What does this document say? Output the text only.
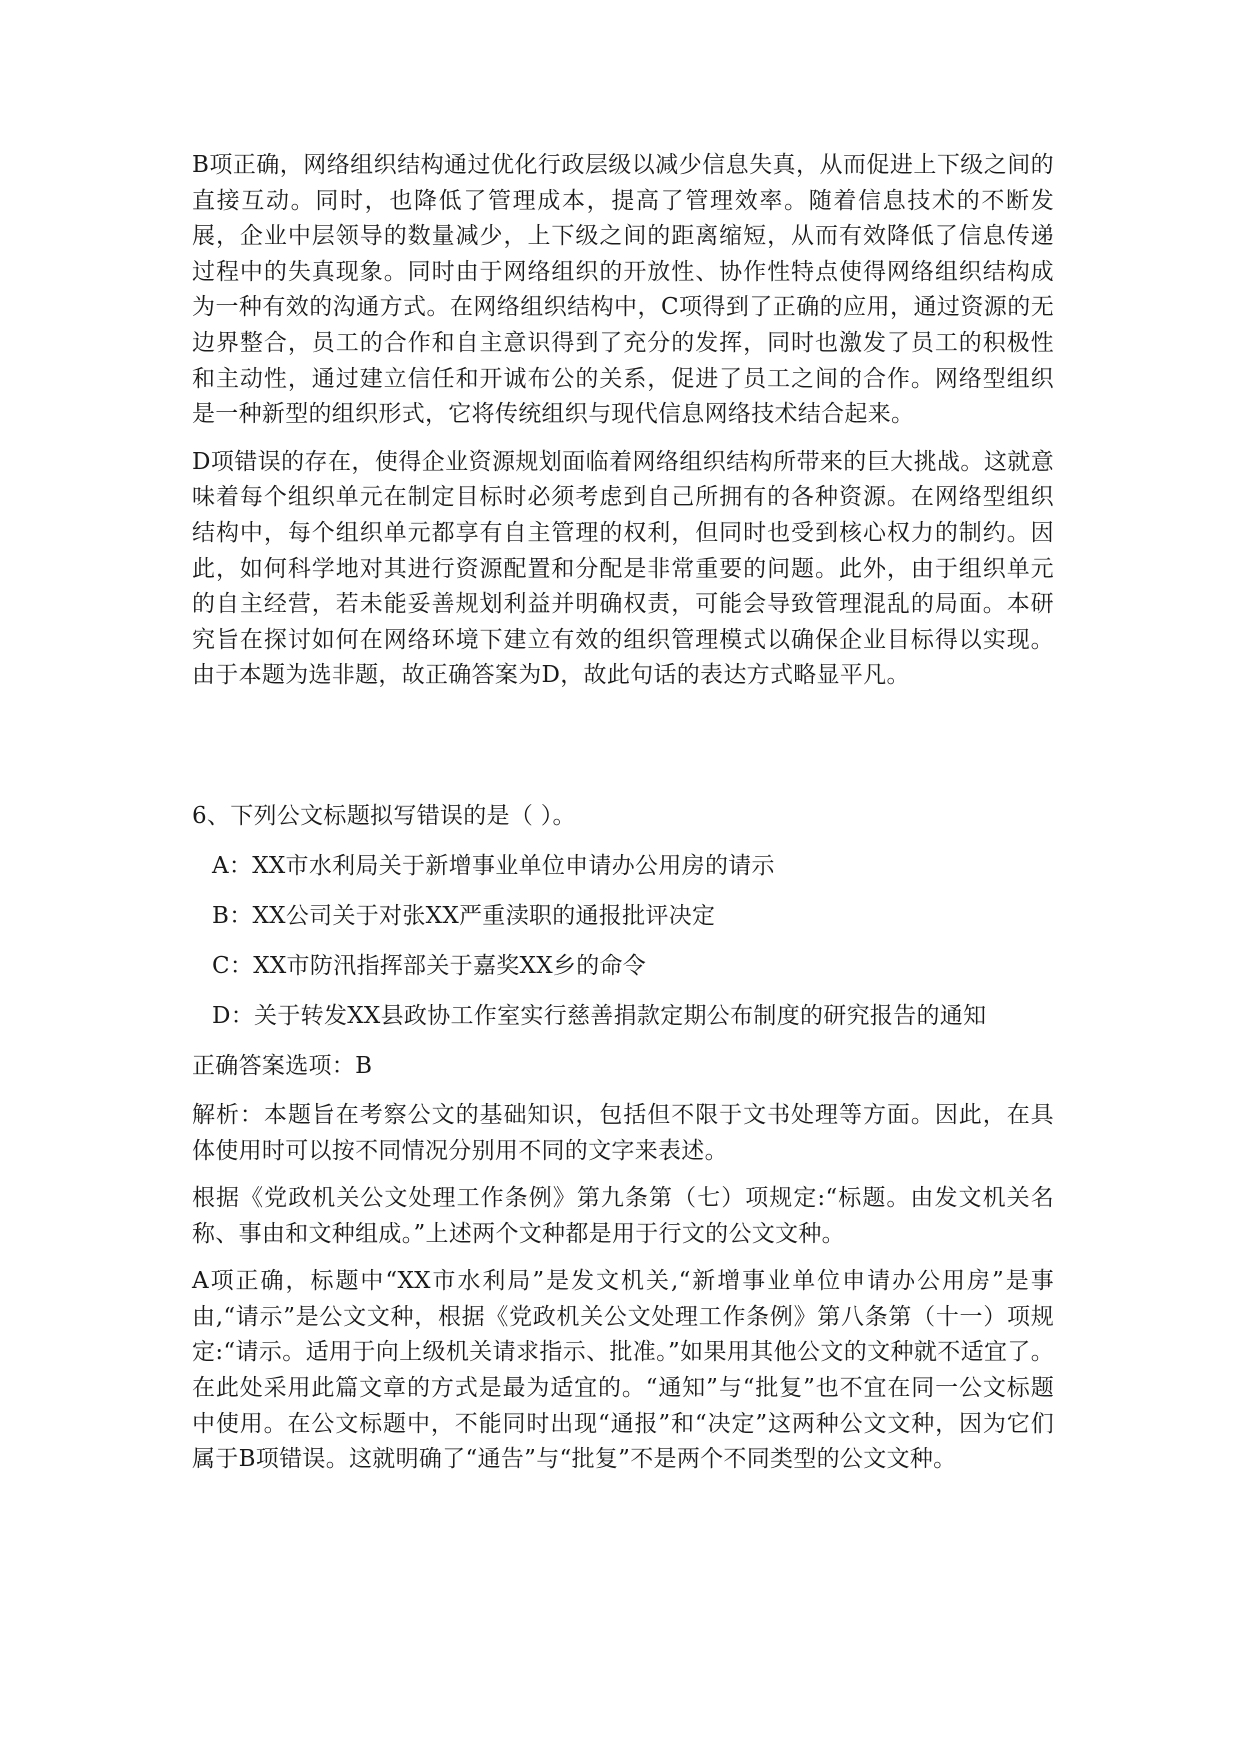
B项正确，网络组织结构通过优化行政层级以减少信息失真，从而促进上下级之间的直接互动。同时，也降低了管理成本，提高了管理效率。随着信息技术的不断发展，企业中层领导的数量减少，上下级之间的距离缩短，从而有效降低了信息传递过程中的失真现象。同时由于网络组织的开放性、协作性特点使得网络组织结构成为一种有效的沟通方式。在网络组织结构中，C项得到了正确的应用，通过资源的无边界整合，员工的合作和自主意识得到了充分的发挥，同时也激发了员工的积极性和主动性，通过建立信任和开诚布公的关系，促进了员工之间的合作。网络型组织是一种新型的组织形式，它将传统组织与现代信息网络技术结合起来。

D项错误的存在，使得企业资源规划面临着网络组织结构所带来的巨大挑战。这就意味着每个组织单元在制定目标时必须考虑到自己所拥有的各种资源。在网络型组织结构中，每个组织单元都享有自主管理的权利，但同时也受到核心权力的制约。因此，如何科学地对其进行资源配置和分配是非常重要的问题。此外，由于组织单元的自主经营，若未能妥善规划利益并明确权责，可能会导致管理混乱的局面。本研究旨在探讨如何在网络环境下建立有效的组织管理模式以确保企业目标得以实现。由于本题为选非题，故正确答案为D，故此句话的表达方式略显平凡。

6、下列公文标题拟写错误的是（ ）。
A：XX市水利局关于新增事业单位申请办公用房的请示
B：XX公司关于对张XX严重渎职的通报批评决定
C：XX市防汛指挥部关于嘉奖XX乡的命令
D：关于转发XX县政协工作室实行慈善捐款定期公布制度的研究报告的通知
正确答案选项：B

解析：本题旨在考察公文的基础知识，包括但不限于文书处理等方面。因此，在具体使用时可以按不同情况分别用不同的文字来表述。

根据《党政机关公文处理工作条例》第九条第（七）项规定:“标题。由发文机关名称、事由和文种组成。”上述两个文种都是用于行文的公文文种。

A项正确，标题中“XX市水利局”是发文机关,“新增事业单位申请办公用房”是事由,“请示”是公文文种，根据《党政机关公文处理工作条例》第八条第（十一）项规定:“请示。适用于向上级机关请求指示、批准。”如果用其他公文的文种就不适宜了。在此处采用此篇文章的方式是最为适宜的。“通知”与“批复”也不宜在同一公文标题中使用。在公文标题中，不能同时出现“通报”和“决定”这两种公文文种，因为它们属于B项错误。这就明确了“通告”与“批复”不是两个不同类型的公文文种。
